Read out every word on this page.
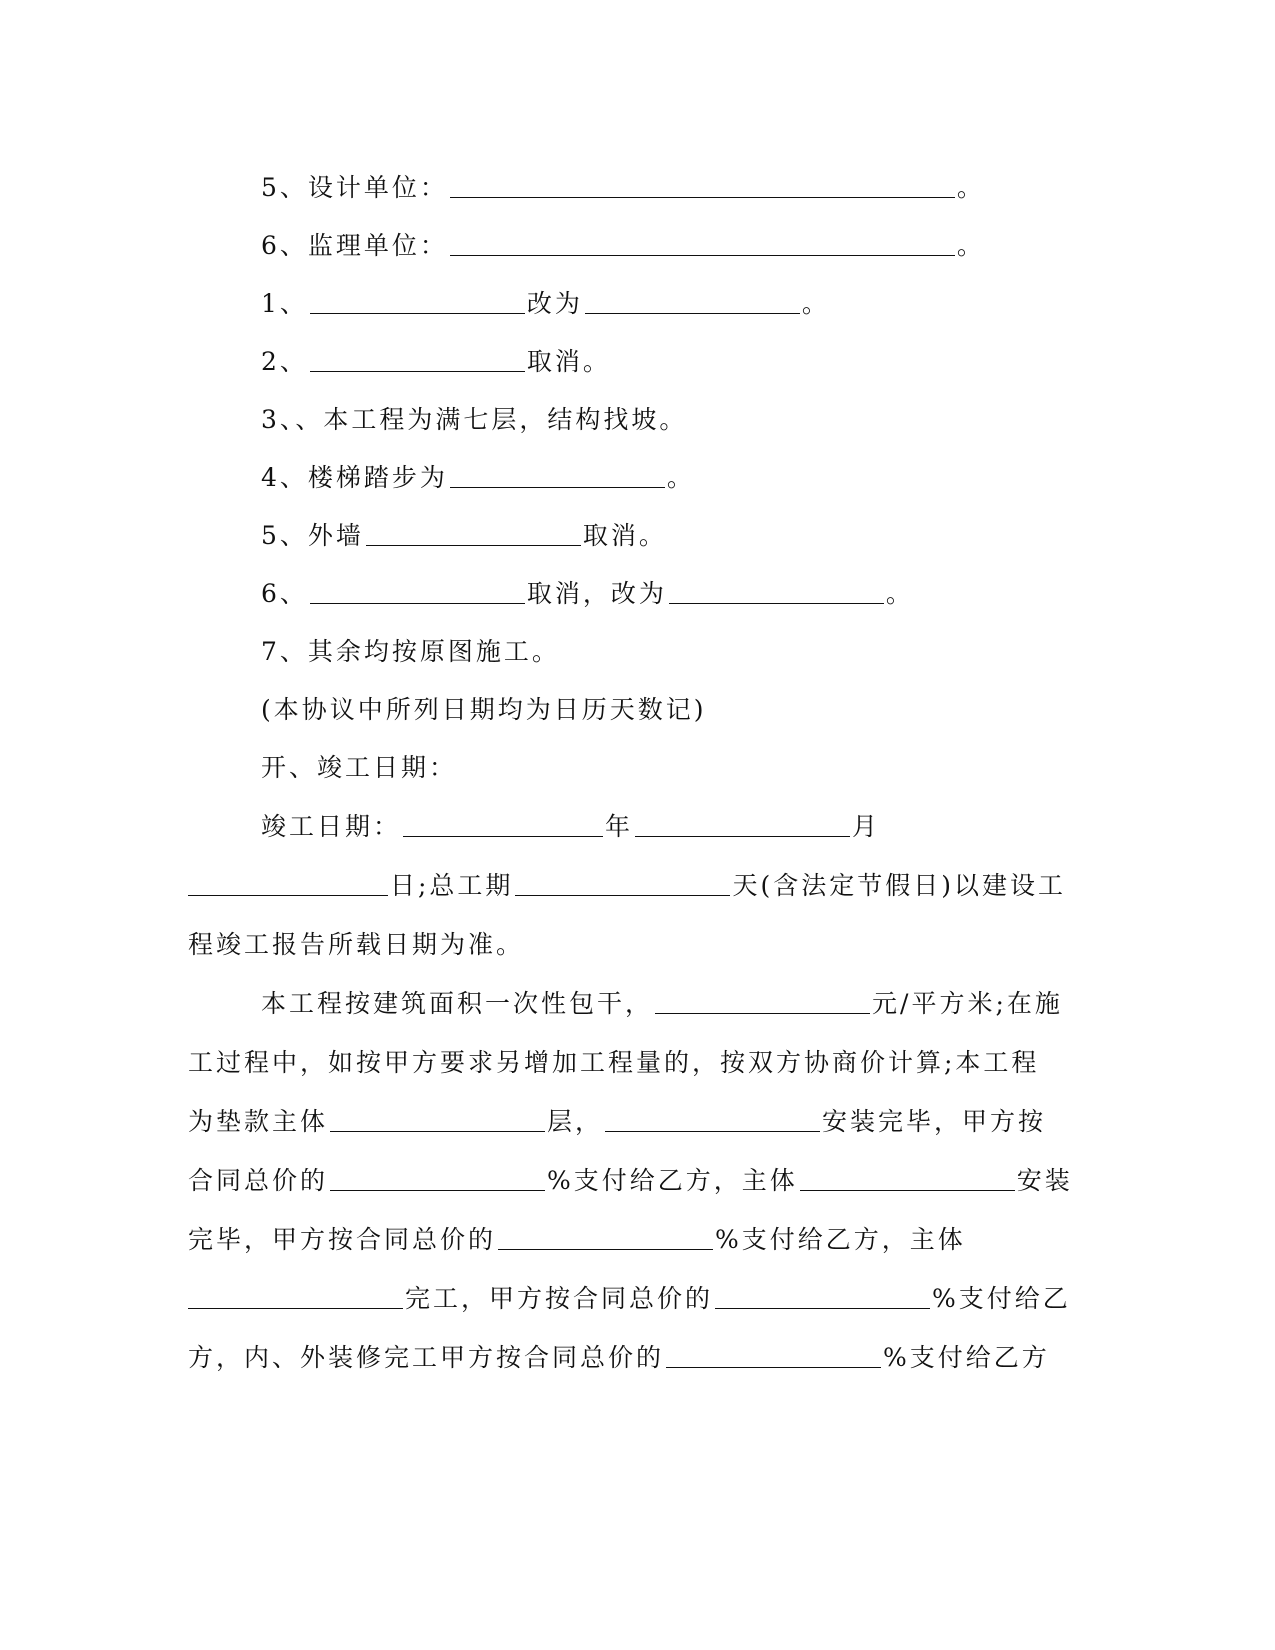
5、设计单位：	。
6、监理单位：	。
1、	改为	。
2、	取消。
3、、本工程为满七层，结构找坡。
4、楼梯踏步为	。
5、外墙	取消。
6、	取消，改为	。
7、其余均按原图施工。
(本协议中所列日期均为日历天数记)
开、竣工日期：
竣工日期：	年	月
日;总工期	天(含法定节假日)以建设工
程竣工报告所载日期为准。
本工程按建筑面积一次性包干，	元/平方米;在施
工过程中，如按甲方要求另增加工程量的，按双方协商价计算;本工程
为垫款主体	层，	安装完毕，甲方按
合同总价的	%支付给乙方，主体	安装
完毕，甲方按合同总价的	%支付给乙方，主体
完工，甲方按合同总价的	%支付给乙
方，内、外装修完工甲方按合同总价的	%支付给乙方
